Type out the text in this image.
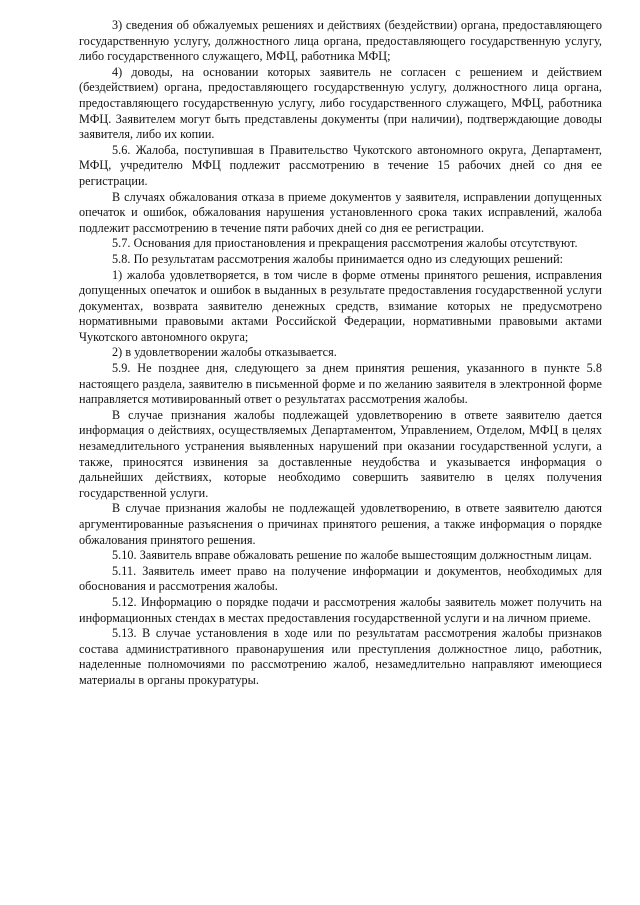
3) сведения об обжалуемых решениях и действиях (бездействии) органа, предоставляющего государственную услугу, должностного лица органа, предоставляющего государственную услугу, либо государственного служащего, МФЦ, работника МФЦ;

4) доводы, на основании которых заявитель не согласен с решением и действием (бездействием) органа, предоставляющего государственную услугу, должностного лица органа, предоставляющего государственную услугу, либо государственного служащего, МФЦ, работника МФЦ. Заявителем могут быть представлены документы (при наличии), подтверждающие доводы заявителя, либо их копии.

5.6. Жалоба, поступившая в Правительство Чукотского автономного округа, Департамент, МФЦ, учредителю МФЦ подлежит рассмотрению в течение 15 рабочих дней со дня ее регистрации.

В случаях обжалования отказа в приеме документов у заявителя, исправлении допущенных опечаток и ошибок, обжалования нарушения установленного срока таких исправлений, жалоба подлежит рассмотрению в течение пяти рабочих дней со дня ее регистрации.

5.7. Основания для приостановления и прекращения рассмотрения жалобы отсутствуют.

5.8. По результатам рассмотрения жалобы принимается одно из следующих решений:

1) жалоба удовлетворяется, в том числе в форме отмены принятого решения, исправления допущенных опечаток и ошибок в выданных в результате предоставления государственной услуги документах, возврата заявителю денежных средств, взимание которых не предусмотрено нормативными правовыми актами Российской Федерации, нормативными правовыми актами Чукотского автономного округа;

2) в удовлетворении жалобы отказывается.

5.9. Не позднее дня, следующего за днем принятия решения, указанного в пункте 5.8 настоящего раздела, заявителю в письменной форме и по желанию заявителя в электронной форме направляется мотивированный ответ о результатах рассмотрения жалобы.

В случае признания жалобы подлежащей удовлетворению в ответе заявителю дается информация о действиях, осуществляемых Департаментом, Управлением, Отделом, МФЦ в целях незамедлительного устранения выявленных нарушений при оказании государственной услуги, а также, приносятся извинения за доставленные неудобства и указывается информация о дальнейших действиях, которые необходимо совершить заявителю в целях получения государственной услуги.

В случае признания жалобы не подлежащей удовлетворению, в ответе заявителю даются аргументированные разъяснения о причинах принятого решения, а также информация о порядке обжалования принятого решения.

5.10. Заявитель вправе обжаловать решение по жалобе вышестоящим должностным лицам.

5.11. Заявитель имеет право на получение информации и документов, необходимых для обоснования и рассмотрения жалобы.

5.12. Информацию о порядке подачи и рассмотрения жалобы заявитель может получить на информационных стендах в местах предоставления государственной услуги и на личном приеме.

5.13. В случае установления в ходе или по результатам рассмотрения жалобы признаков состава административного правонарушения или преступления должностное лицо, работник, наделенные полномочиями по рассмотрению жалоб, незамедлительно направляют имеющиеся материалы в органы прокуратуры.
